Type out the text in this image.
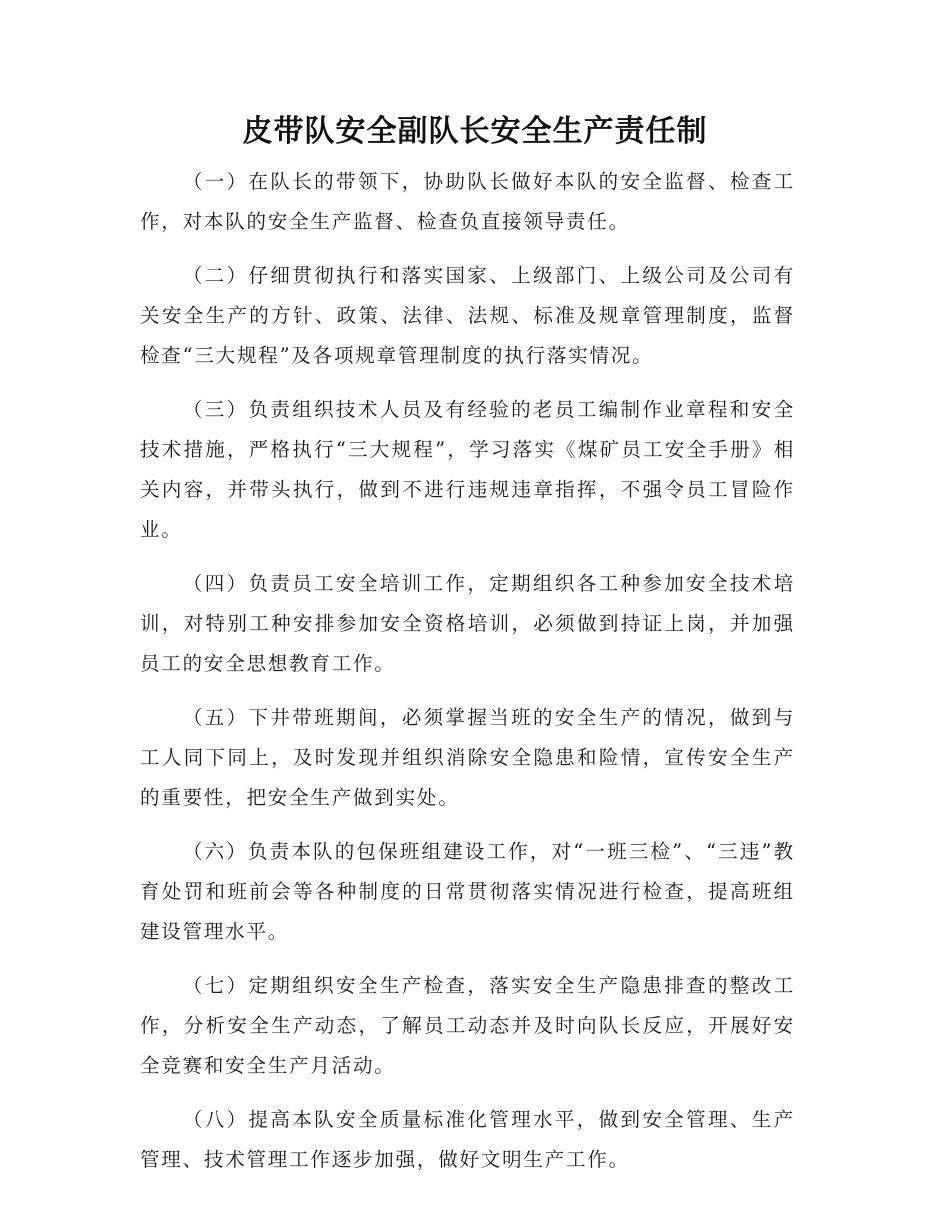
皮带队安全副队长安全生产责任制

（一）在队长的带领下，协助队长做好本队的安全监督、检查工作，对本队的安全生产监督、检查负直接领导责任。

（二）仔细贯彻执行和落实国家、上级部门、上级公司及公司有关安全生产的方针、政策、法律、法规、标准及规章管理制度，监督检查“三大规程”及各项规章管理制度的执行落实情况。

（三）负责组织技术人员及有经验的老员工编制作业章程和安全技术措施，严格执行“三大规程”，学习落实《煤矿员工安全手册》相关内容，并带头执行，做到不进行违规违章指挥，不强令员工冒险作业。

（四）负责员工安全培训工作，定期组织各工种参加安全技术培训，对特别工种安排参加安全资格培训，必须做到持证上岗，并加强员工的安全思想教育工作。

（五）下井带班期间，必须掌握当班的安全生产的情况，做到与工人同下同上，及时发现并组织消除安全隐患和险情，宣传安全生产的重要性，把安全生产做到实处。

（六）负责本队的包保班组建设工作，对“一班三检”、“三违”教育处罚和班前会等各种制度的日常贯彻落实情况进行检查，提高班组建设管理水平。

（七）定期组织安全生产检查，落实安全生产隐患排查的整改工作，分析安全生产动态，了解员工动态并及时向队长反应，开展好安全竞赛和安全生产月活动。

（八）提高本队安全质量标准化管理水平，做到安全管理、生产管理、技术管理工作逐步加强，做好文明生产工作。
